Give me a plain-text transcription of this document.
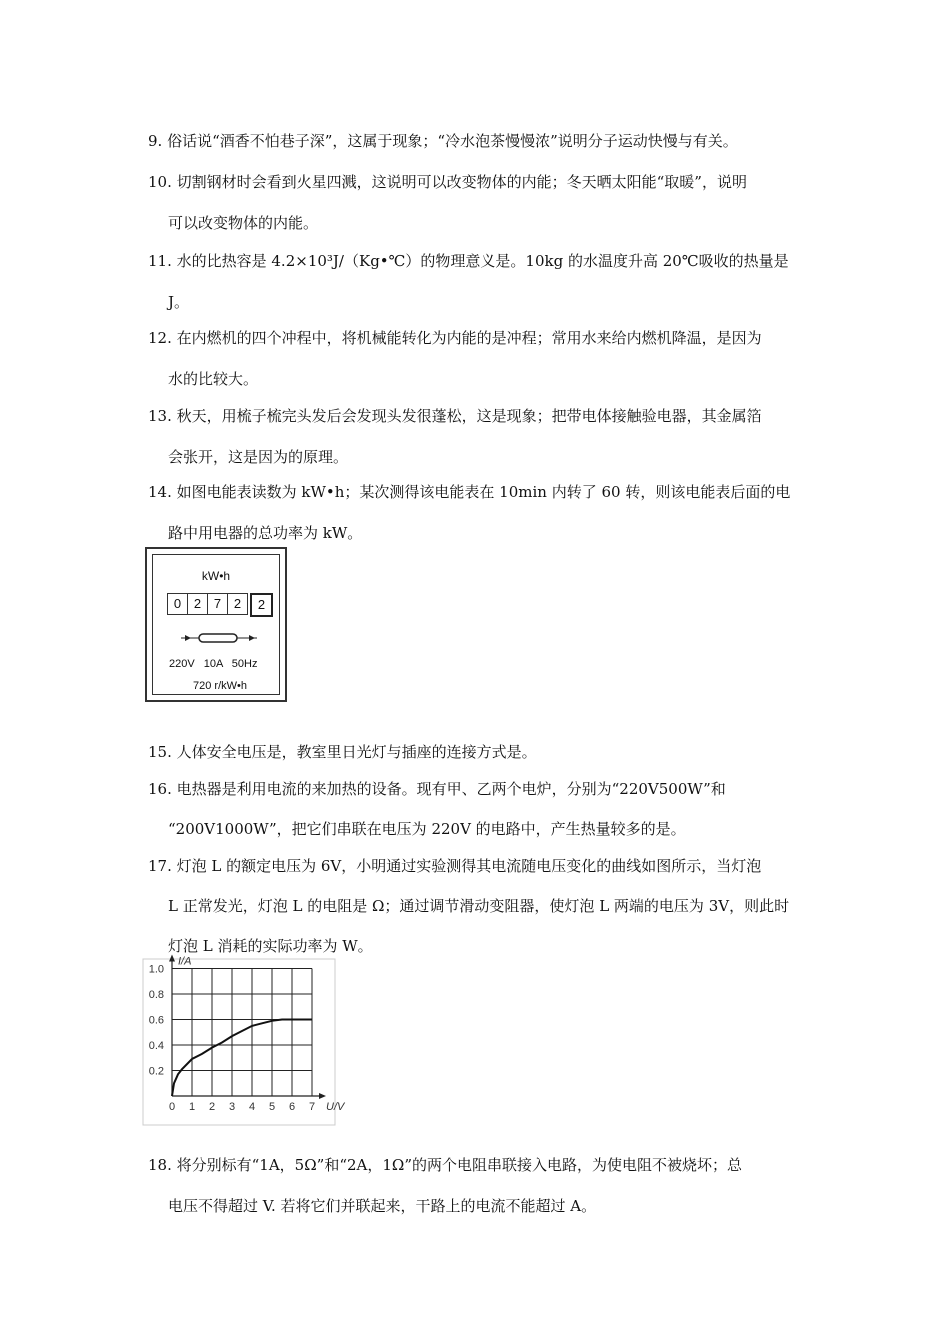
9. 俗话说“酒香不怕巷子深”，这属于现象；“冷水泡茶慢慢浓”说明分子运动快慢与有关。
10. 切割钢材时会看到火星四溅，这说明可以改变物体的内能；冬天晒太阳能“取暖”，说明
可以改变物体的内能。
11. 水的比热容是 4.2×10³J/（Kg•℃）的物理意义是。10kg 的水温度升高 20℃吸收的热量是
J。
12. 在内燃机的四个冲程中，将机械能转化为内能的是冲程；常用水来给内燃机降温，是因为
水的比较大。
13. 秋天，用梳子梳完头发后会发现头发很蓬松，这是现象；把带电体接触验电器，其金属箔
会张开，这是因为的原理。
14. 如图电能表读数为 kW•h；某次测得该电能表在 10min 内转了 60 转，则该电能表后面的电
路中用电器的总功率为 kW。
15. 人体安全电压是，教室里日光灯与插座的连接方式是。
16. 电热器是利用电流的来加热的设备。现有甲、乙两个电炉，分别为“220V500W”和
“200V1000W”，把它们串联在电压为 220V 的电路中，产生热量较多的是。
17. 灯泡 L 的额定电压为 6V，小明通过实验测得其电流随电压变化的曲线如图所示，当灯泡
L 正常发光，灯泡 L 的电阻是 Ω；通过调节滑动变阻器，使灯泡 L 两端的电压为 3V，则此时
灯泡 L 消耗的实际功率为 W。
18. 将分别标有“1A，5Ω”和“2A，1Ω”的两个电阻串联接入电路，为使电阻不被烧坏；总
电压不得超过 V. 若将它们并联起来，干路上的电流不能超过 A。
kW•h
0 2 7 2	2
220V 10A 50Hz
720 r/kW•h
0 1 2 3 4 5 6 7
0.2
0.4
0.6
0.8
1.0
I/A
U/V
